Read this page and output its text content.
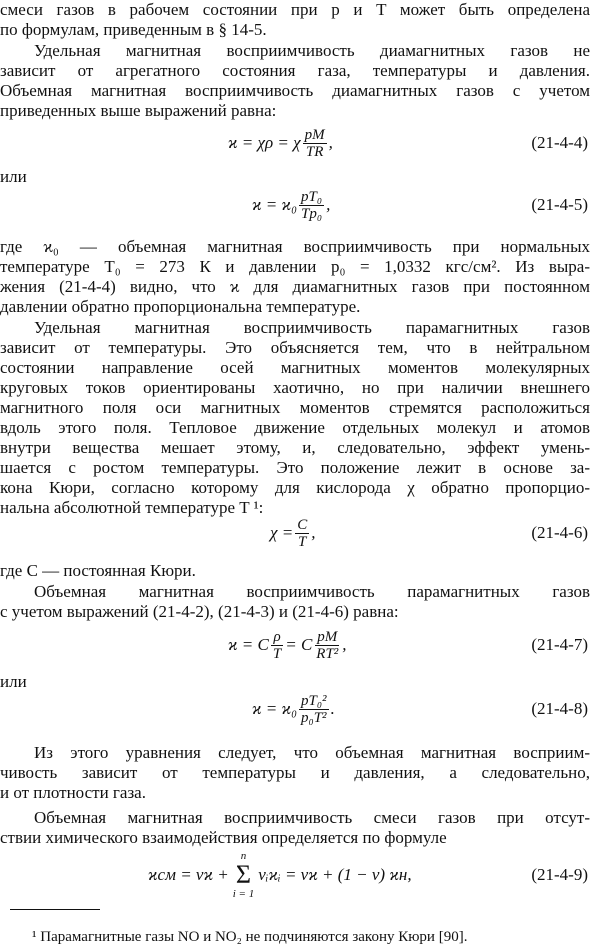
смеси газов в рабочем состоянии при p и T может быть определена

по формулам, приведенным в § 14-5.

Удельная магнитная восприимчивость диамагнитных газов не

зависит от агрегатного состояния газа, температуры и давления.

Объемная магнитная восприимчивость диамагнитных газов с учетом

приведенных выше выражений равна:

ϰ = χρ = χ $\frac{pM}{TR}$ ,	(21-4-4)

или

$ϰ = ϰ_0 \frac{\text{pT₀}}{\text{Tp₀}}$ ,	(21-4-5)

где ϰ₀ — объемная магнитная восприимчивость при нормальных

температуре T₀ = 273 К и давлении p₀ = 1,0332 кгс/см². Из выра-

жения (21-4-4) видно, что ϰ для диамагнитных газов при постоянном

давлении обратно пропорциональна температуре.

Удельная магнитная восприимчивость парамагнитных газов

зависит от температуры. Это объясняется тем, что в нейтральном

состоянии направление осей магнитных моментов молекулярных

круговых токов ориентированы хаотично, но при наличии внешнего

магнитного поля оси магнитных моментов стремятся расположиться

вдоль этого поля. Тепловое движение отдельных молекул и атомов

внутри вещества мешает этому, и, следовательно, эффект умень-

шается с ростом температуры. Это положение лежит в основе за-

кона Кюри, согласно которому для кислорода χ обратно пропорцио-

нальна абсолютной температуре T ¹:

$\chi = \frac{C}{T}$ ,	(21-4-6)

где C — постоянная Кюри.

Объемная магнитная восприимчивость парамагнитных газов

с учетом выражений (21-4-2), (21-4-3) и (21-4-6) равна:

ϰ = C $\frac{\rho}{T} = C \frac{pM}{\text{RT²}}$ ,	(21-4-7)

или

$ϰ = ϰ_0 \frac{\text{pT₀²}}{\text{p₀T²}}$ .	(21-4-8)

Из этого уравнения следует, что объемная магнитная восприим-

чивость зависит от температуры и давления, а следовательно,

и от плотности газа.

Объемная магнитная восприимчивость смеси газов при отсут-

ствии химического взаимодействия определяется по формуле

ϰсм = vϰ +
n
Σ
i = 1
vᵢϰᵢ = vϰ + (1 − v) ϰн,	(21-4-9)

¹ Парамагнитные газы NO и NO₂ не подчиняются закону Кюри [90].
